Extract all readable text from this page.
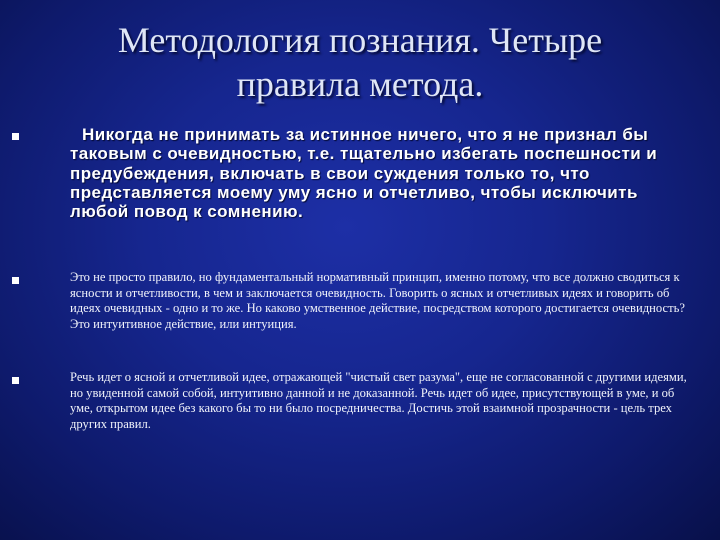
Методология познания. Четыре
правила метода.

Никогда не принимать за истинное ничего, что я не признал бы таковым с очевидностью, т.е. тщательно избегать поспешности и предубеждения, включать в свои суждения только то, что представляется моему уму ясно и отчетливо, чтобы исключить любой повод к сомнению.

Это не просто правило, но фундаментальный нормативный принцип, именно потому, что все должно сводиться к ясности и отчетливости, в чем и заключается очевидность. Говорить о ясных и отчетливых идеях и говорить об идеях очевидных - одно и то же. Но каково умственное действие, посредством которого достигается очевидность? Это интуитивное действие, или интуиция.

Речь идет о ясной и отчетливой идее, отражающей "чистый свет разума", еще не согласованной с другими идеями, но увиденной самой собой, интуитивно данной и не доказанной. Речь идет об идее, присутствующей в уме, и об уме, открытом идее без какого бы то ни было посредничества. Достичь этой взаимной прозрачности - цель трех других правил.
